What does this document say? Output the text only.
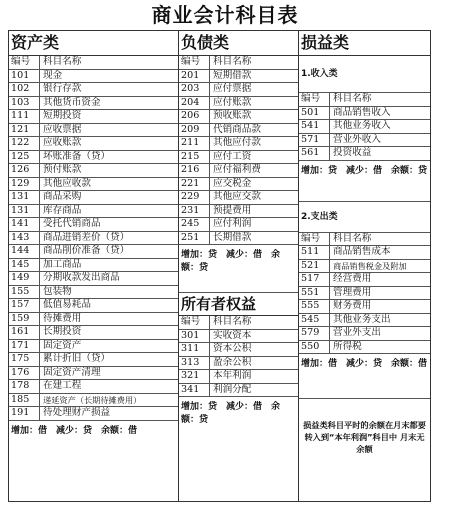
商业会计科目表
资产类
编号	科目名称
101	现金
102	银行存款
103	其他货币资金
111	短期投资
121	应收票据
122	应收账款
125	坏账准备（贷）
126	预付账款
129	其他应收款
131	商品采购
131	库存商品
141	受托代销商品
143	商品进销差价（贷）
144	商品削价准备（贷）
145	加工商品
149	分期收款发出商品
155	包装物
157	低值易耗品
159	待摊费用
161	长期投资
171	固定资产
175	累计折旧（贷）
176	固定资产清理
178	在建工程
185	递延资产（长期待摊费用）
191	待处理财产损益
增加：借　减少：贷　余额：借
负债类
编号	科目名称
201	短期借款
203	应付票据
204	应付账款
206	预收账款
209	代销商品款
211	其他应付款
215	应付工资
216	应付福利费
221	应交税金
229	其他应交款
231	预提费用
245	应付利润
251	长期借款
增加：贷　减少：借　余额：贷
所有者权益
编号	科目名称
301	实收资本
311	资本公积
313	盈余公积
321	本年利润
341	利润分配
增加：贷　减少：借　余额：贷
损益类
1.收入类
编号	科目名称
501	商品销售收入
541	其他业务收入
571	营业外收入
561	投资收益
增加：贷　减少：借　余额：贷
2.支出类
编号	科目名称
511	商品销售成本
521	商品销售税金及附加
517	经营费用
551	管理费用
555	财务费用
545	其他业务支出
579	营业外支出
550	所得税
增加：借　减少：贷　余额：借
损益类科目平时的余额在月末都要转入到“本年利润”科目中 月末无余额
